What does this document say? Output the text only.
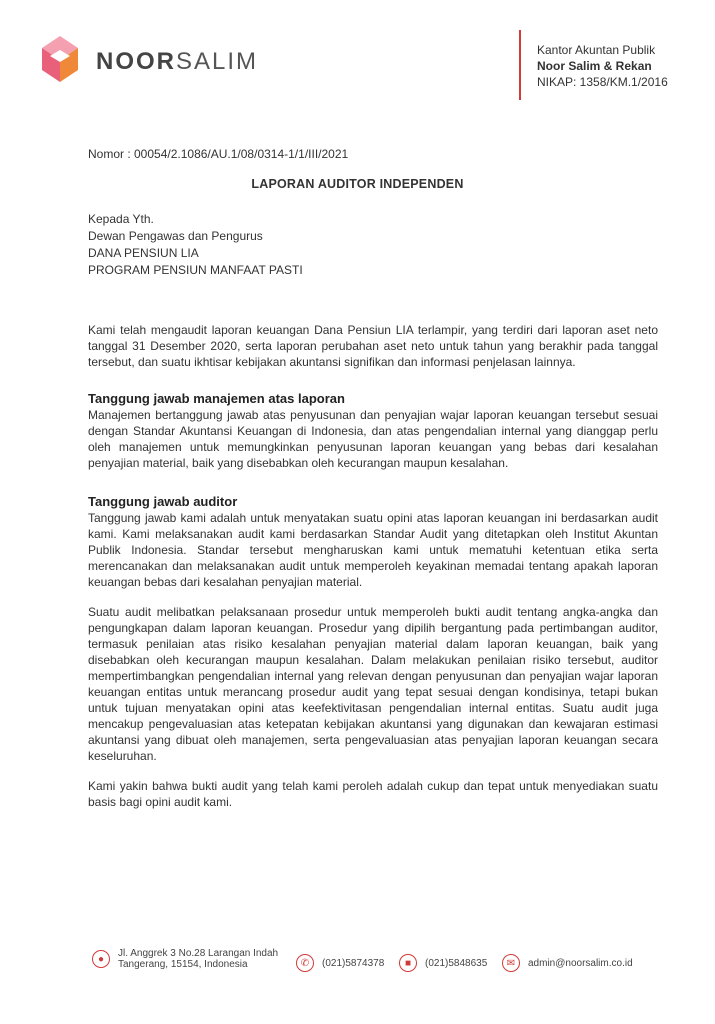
NOORSALIM	Kantor Akuntan Publik
Noor Salim & Rekan
NIKAP: 1358/KM.1/2016
Nomor : 00054/2.1086/AU.1/08/0314-1/1/III/2021
LAPORAN AUDITOR INDEPENDEN
Kepada Yth.
Dewan Pengawas dan Pengurus
DANA PENSIUN LIA
PROGRAM PENSIUN MANFAAT PASTI
Kami telah mengaudit laporan keuangan Dana Pensiun LIA terlampir, yang terdiri dari laporan aset neto tanggal 31 Desember 2020, serta laporan perubahan aset neto untuk tahun yang berakhir pada tanggal tersebut, dan suatu ikhtisar kebijakan akuntansi signifikan dan informasi penjelasan lainnya.
Tanggung jawab manajemen atas laporan
Manajemen bertanggung jawab atas penyusunan dan penyajian wajar laporan keuangan tersebut sesuai dengan Standar Akuntansi Keuangan di Indonesia, dan atas pengendalian internal yang dianggap perlu oleh manajemen untuk memungkinkan penyusunan laporan keuangan yang bebas dari kesalahan penyajian material, baik yang disebabkan oleh kecurangan maupun kesalahan.
Tanggung jawab auditor
Tanggung jawab kami adalah untuk menyatakan suatu opini atas laporan keuangan ini berdasarkan audit kami. Kami melaksanakan audit kami berdasarkan Standar Audit yang ditetapkan oleh Institut Akuntan Publik Indonesia. Standar tersebut mengharuskan kami untuk mematuhi ketentuan etika serta merencanakan dan melaksanakan audit untuk memperoleh keyakinan memadai tentang apakah laporan keuangan bebas dari kesalahan penyajian material.
Suatu audit melibatkan pelaksanaan prosedur untuk memperoleh bukti audit tentang angka-angka dan pengungkapan dalam laporan keuangan. Prosedur yang dipilih bergantung pada pertimbangan auditor, termasuk penilaian atas risiko kesalahan penyajian material dalam laporan keuangan, baik yang disebabkan oleh kecurangan maupun kesalahan. Dalam melakukan penilaian risiko tersebut, auditor mempertimbangkan pengendalian internal yang relevan dengan penyusunan dan penyajian wajar laporan keuangan entitas untuk merancang prosedur audit yang tepat sesuai dengan kondisinya, tetapi bukan untuk tujuan menyatakan opini atas keefektivitasan pengendalian internal entitas. Suatu audit juga mencakup pengevaluasian atas ketepatan kebijakan akuntansi yang digunakan dan kewajaran estimasi akuntansi yang dibuat oleh manajemen, serta pengevaluasian atas penyajian laporan keuangan secara keseluruhan.
Kami yakin bahwa bukti audit yang telah kami peroleh adalah cukup dan tepat untuk menyediakan suatu basis bagi opini audit kami.
●	Jl. Anggrek 3 No.28 Larangan Indah
Tangerang, 15154, Indonesia	✆	(021)5874378	■	(021)5848635	✉	admin@noorsalim.co.id
